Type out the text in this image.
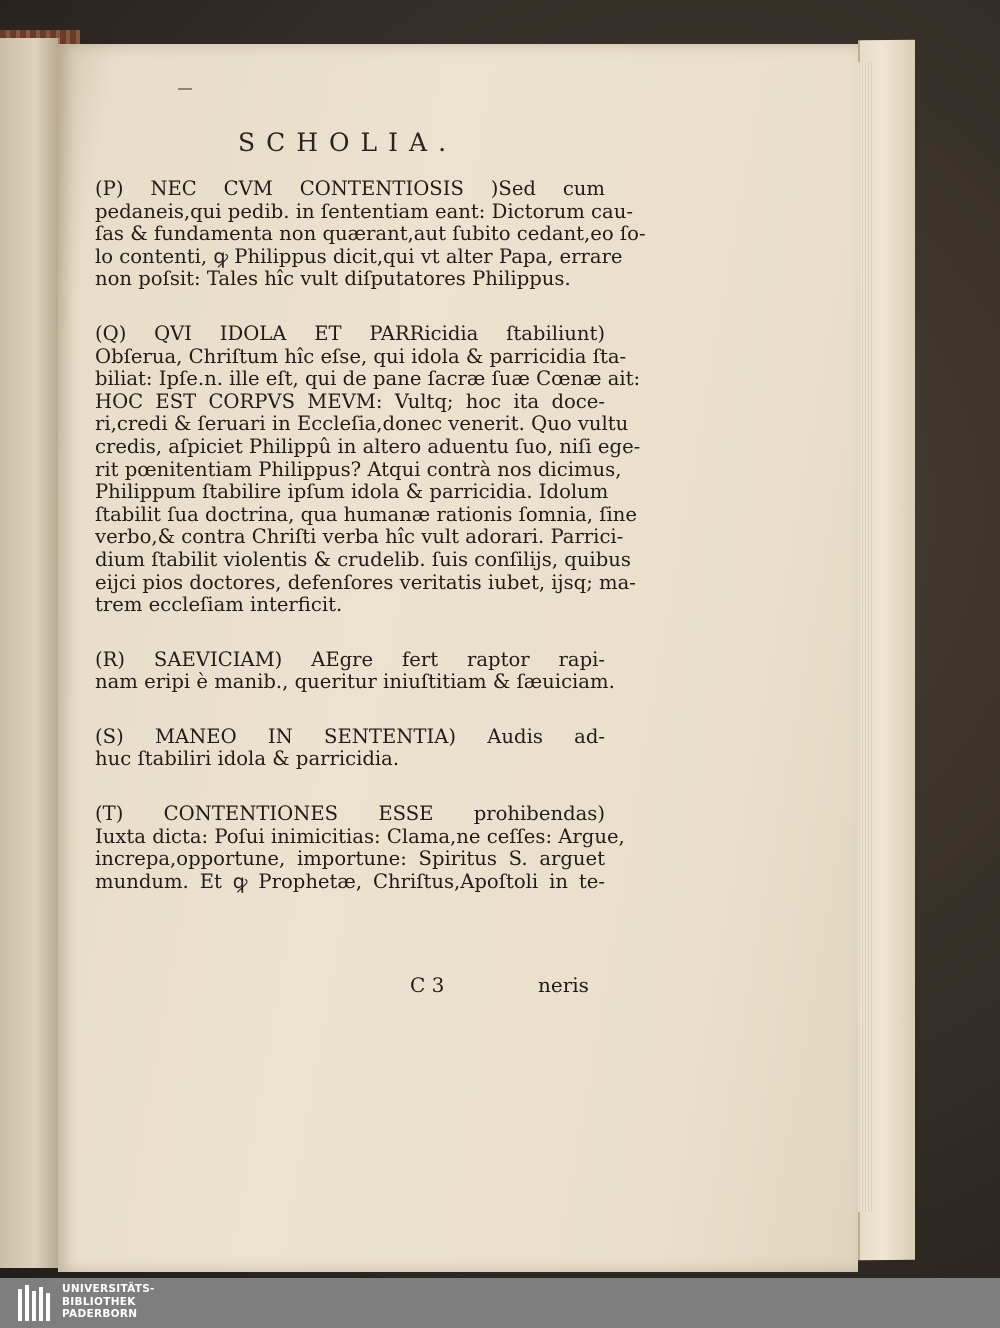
SCHOLIA.
(P) NEC CVM CONTENTIOSIS )Sed cum
pedaneis,qui pedib. in ſententiam eant: Dictorum cau-
ſas & fundamenta non quærant,aut ſubito cedant,eo ſo-
lo contenti, ꝙ Philippus dicit,qui vt alter Papa, errare
non poſsit: Tales hîc vult diſputatores Philippus.
(Q) QVI IDOLA ET PARRicidia ſtabiliunt)
Obſerua, Chriſtum hîc eſse, qui idola & parricidia ſta-
biliat: Ipſe.n. ille eſt, qui de pane ſacræ ſuæ Cœnæ ait:
HOC EST CORPVS MEVM: Vultq; hoc ita doce-
ri,credi & ſeruari in Eccleſia,donec venerit. Quo vultu
credis, aſpiciet Philippû in altero aduentu ſuo, niſi ege-
rit pœnitentiam Philippus? Atqui contrà nos dicimus,
Philippum ſtabilire ipſum idola & parricidia. Idolum
ſtabilit ſua doctrina, qua humanæ rationis ſomnia, ſine
verbo,& contra Chriſti verba hîc vult adorari. Parrici-
dium ſtabilit violentis & crudelib. ſuis conſilijs, quibus
eijci pios doctores, defenſores veritatis iubet, ijsq; ma-
trem eccleſiam interficit.
(R) SAEVICIAM) AEgre fert raptor rapi-
nam eripi è manib., queritur iniuſtitiam & ſæuiciam.
(S) MANEO IN SENTENTIA) Audis ad-
huc ſtabiliri idola & parricidia.
(T) CONTENTIONES ESSE prohibendas)
Iuxta dicta: Poſui inimicitias: Clama,ne ceſſes: Argue,
increpa,opportune, importune: Spiritus S. arguet
mundum. Et ꝙ Prophetæ, Chriſtus,Apoſtoli in te-
C 3	neris
UNIVERSITÄTS-
BIBLIOTHEK
PADERBORN
